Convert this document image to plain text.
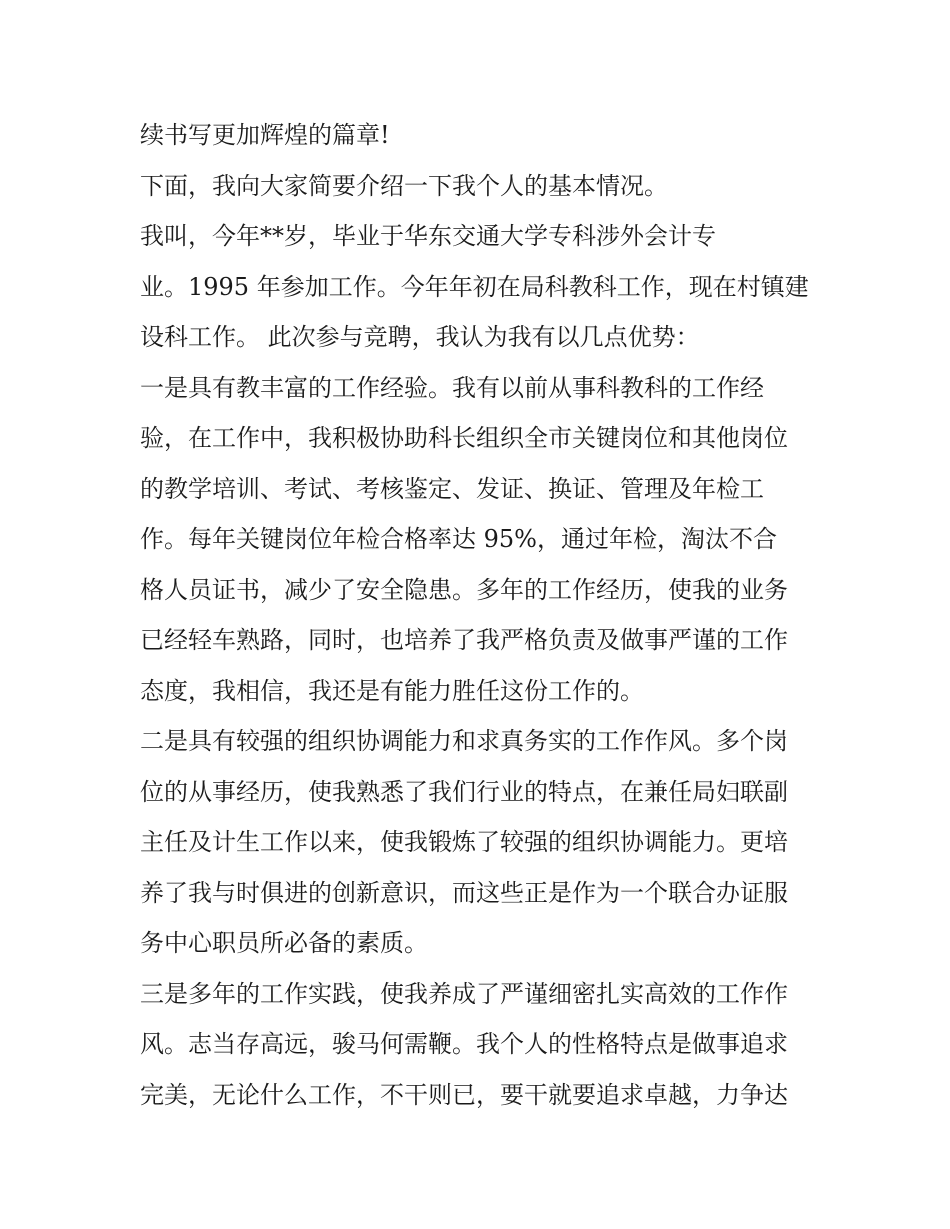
续书写更加辉煌的篇章!
下面，我向大家简要介绍一下我个人的基本情况。
我叫，今年**岁，毕业于华东交通大学专科涉外会计专
业。1995 年参加工作。今年年初在局科教科工作，现在村镇建
设科工作。 此次参与竞聘，我认为我有以几点优势：
一是具有教丰富的工作经验。我有以前从事科教科的工作经
验，在工作中，我积极协助科长组织全市关键岗位和其他岗位
的教学培训、考试、考核鉴定、发证、换证、管理及年检工
作。每年关键岗位年检合格率达 95%，通过年检，淘汰不合
格人员证书，减少了安全隐患。多年的工作经历，使我的业务
已经轻车熟路，同时，也培养了我严格负责及做事严谨的工作
态度，我相信，我还是有能力胜任这份工作的。
二是具有较强的组织协调能力和求真务实的工作作风。多个岗
位的从事经历，使我熟悉了我们行业的特点，在兼任局妇联副
主任及计生工作以来，使我锻炼了较强的组织协调能力。更培
养了我与时俱进的创新意识，而这些正是作为一个联合办证服
务中心职员所必备的素质。
三是多年的工作实践，使我养成了严谨细密扎实高效的工作作
风。志当存高远，骏马何需鞭。我个人的性格特点是做事追求
完美，无论什么工作，不干则已，要干就要追求卓越，力争达
